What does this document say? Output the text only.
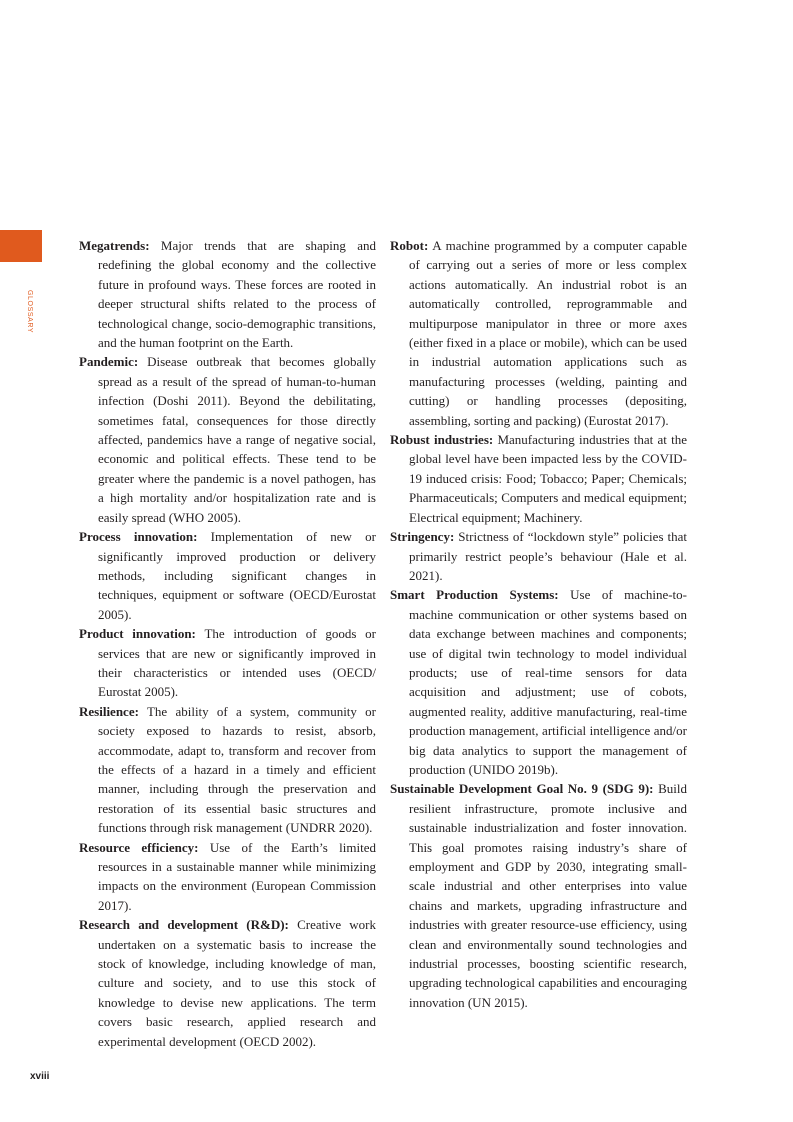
GLOSSARY

Megatrends: Major trends that are shaping and redefining the global economy and the collective future in profound ways. These forces are rooted in deeper structural shifts related to the process of technological change, socio-demographic transitions, and the human footprint on the Earth.

Pandemic: Disease outbreak that becomes globally spread as a result of the spread of human-to-human infection (Doshi 2011). Beyond the debilitating, sometimes fatal, consequences for those directly affected, pandemics have a range of negative social, economic and political effects. These tend to be greater where the pandemic is a novel pathogen, has a high mortality and/or hospitalization rate and is easily spread (WHO 2005).

Process innovation: Implementation of new or significantly improved production or delivery methods, including significant changes in techniques, equipment or software (OECD/Eurostat 2005).

Product innovation: The introduction of goods or services that are new or significantly improved in their characteristics or intended uses (OECD/ Eurostat 2005).

Resilience: The ability of a system, community or society exposed to hazards to resist, absorb, accommodate, adapt to, transform and recover from the effects of a hazard in a timely and efficient manner, including through the preservation and restoration of its essential basic structures and functions through risk management (UNDRR 2020).

Resource efficiency: Use of the Earth’s limited resources in a sustainable manner while minimizing impacts on the environment (European Commission 2017).

Research and development (R&D): Creative work undertaken on a systematic basis to increase the stock of knowledge, including knowledge of man, culture and society, and to use this stock of knowledge to devise new applications. The term covers basic research, applied research and experimental development (OECD 2002).

Robot: A machine programmed by a computer capable of carrying out a series of more or less complex actions automatically. An industrial robot is an automatically controlled, reprogrammable and multipurpose manipulator in three or more axes (either fixed in a place or mobile), which can be used in industrial automation applications such as manufacturing processes (welding, painting and cutting) or handling processes (depositing, assembling, sorting and packing) (Eurostat 2017).

Robust industries: Manufacturing industries that at the global level have been impacted less by the COVID-19 induced crisis: Food; Tobacco; Paper; Chemicals; Pharmaceuticals; Computers and medical equipment; Electrical equipment; Machinery.

Stringency: Strictness of “lockdown style” policies that primarily restrict people’s behaviour (Hale et al. 2021).

Smart Production Systems: Use of machine-to-machine communication or other systems based on data exchange between machines and components; use of digital twin technology to model individual products; use of real-time sensors for data acquisition and adjustment; use of cobots, augmented reality, additive manufacturing, real-time production management, artificial intelligence and/or big data analytics to support the management of production (UNIDO 2019b).

Sustainable Development Goal No. 9 (SDG 9): Build resilient infrastructure, promote inclusive and sustainable industrialization and foster innovation. This goal promotes raising industry’s share of employment and GDP by 2030, integrating small-scale industrial and other enterprises into value chains and markets, upgrading infrastructure and industries with greater resource-use efficiency, using clean and environmentally sound technologies and industrial processes, boosting scientific research, upgrading technological capabilities and encouraging innovation (UN 2015).

xviii
